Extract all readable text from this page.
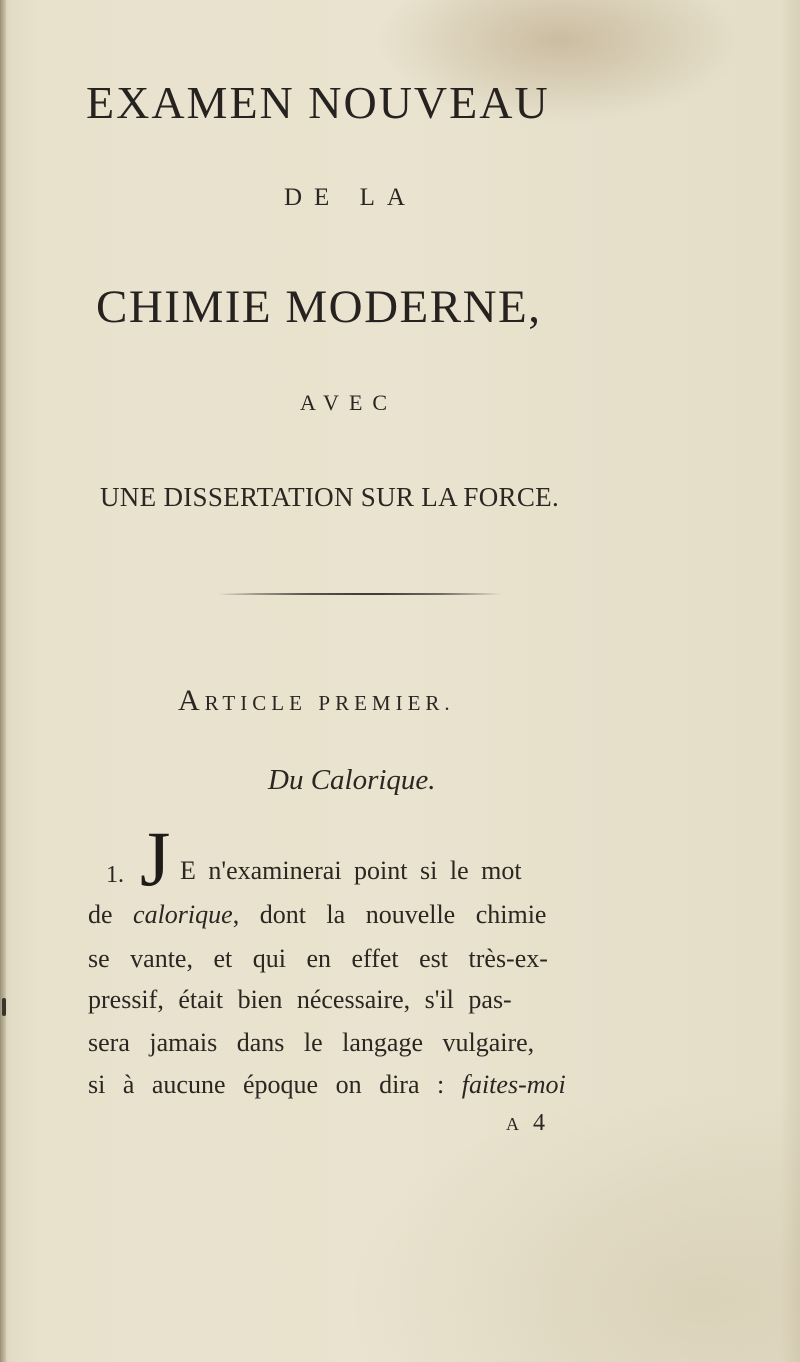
EXAMEN NOUVEAU
DE LA
CHIMIE MODERNE,
AVEC
UNE DISSERTATION SUR LA FORCE.
ARTICLE PREMIER.
Du Calorique.
1. J E n'examinerai point si le mot
de calorique, dont la nouvelle chimie
se vante, et qui en effet est très-ex-
pressif, était bien nécessaire, s'il pas-
sera jamais dans le langage vulgaire,
si à aucune époque on dira : faites-moi
A 4
